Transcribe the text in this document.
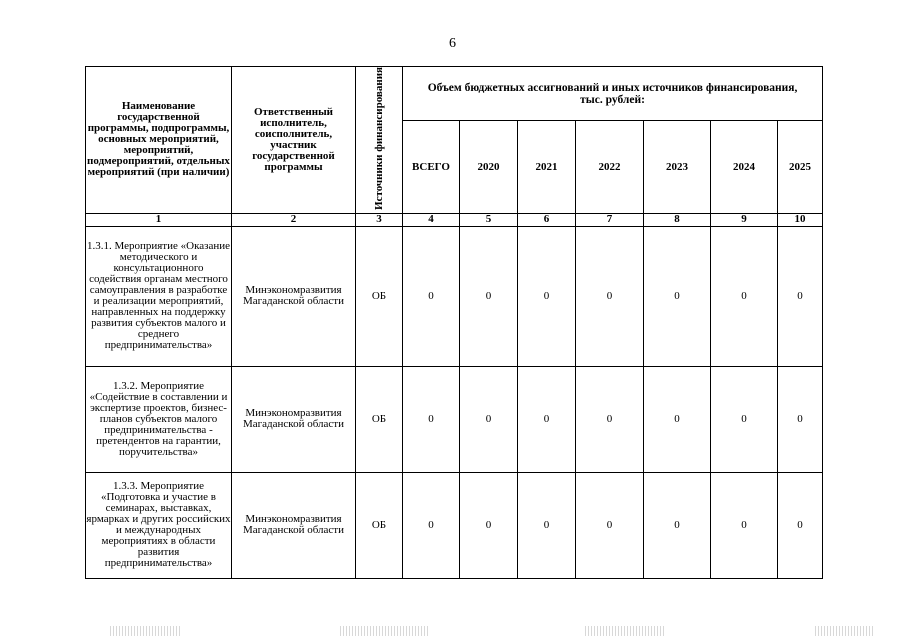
6
Наименование государственной программы, подпрограммы, основных мероприятий, мероприятий, подмероприятий, отдельных мероприятий (при наличии)	Ответственный исполнитель, соисполнитель, участник государственной программы	Источники финансирования	Объем бюджетных ассигнований и иных источников финансирования, тыс. рублей:						
			ВСЕГО	2020	2021	2022	2023	2024	2025
1	2	3	4	5	6	7	8	9	10
1.3.1. Мероприятие «Оказание методического и консультационного содействия органам местного самоуправления в разработке и реализации мероприятий, направленных на поддержку развития субъектов малого и среднего предпринимательства»	Минэкономразвития Магаданской области	ОБ	0	0	0	0	0	0	0
1.3.2. Мероприятие «Содействие в составлении и экспертизе проектов, бизнес-планов субъектов малого предпринимательства - претендентов на гарантии, поручительства»	Минэкономразвития Магаданской области	ОБ	0	0	0	0	0	0	0
1.3.3. Мероприятие «Подготовка и участие в семинарах, выставках, ярмарках и других российских и международных мероприятиях в области развития предпринимательства»	Минэкономразвития Магаданской области	ОБ	0	0	0	0	0	0	0
